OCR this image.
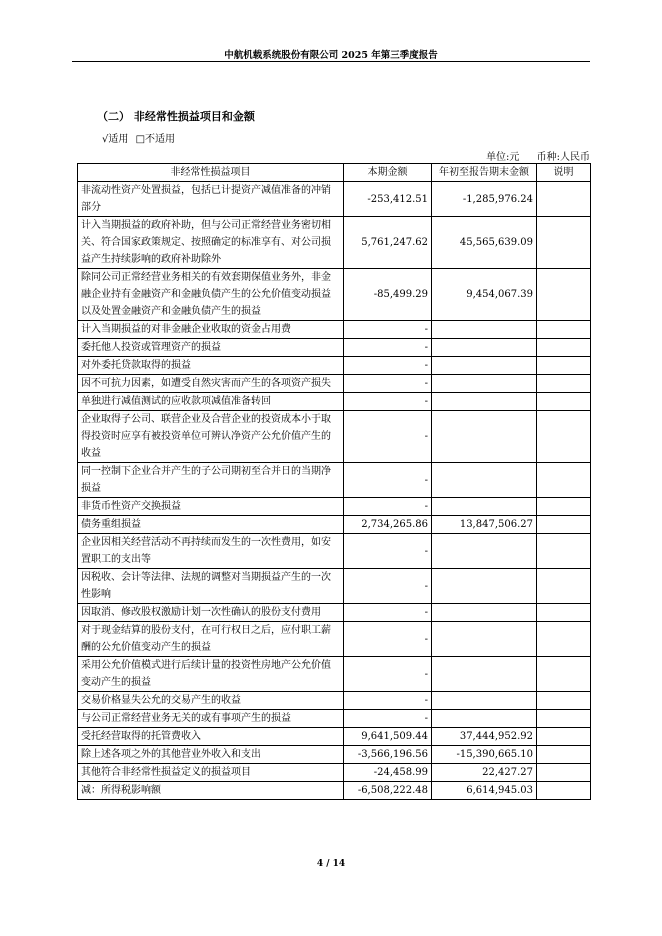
中航机载系统股份有限公司 2025 年第三季度报告
（二） 非经常性损益项目和金额
√适用 □不适用
单位:元 币种:人民币
非经常性损益项目	本期金额	年初至报告期末金额	说明
非流动性资产处置损益，包括已计提资产减值准备的冲销部分	-253,412.51	-1,285,976.24	
计入当期损益的政府补助，但与公司正常经营业务密切相关、符合国家政策规定、按照确定的标准享有、对公司损益产生持续影响的政府补助除外	5,761,247.62	45,565,639.09	
除同公司正常经营业务相关的有效套期保值业务外，非金融企业持有金融资产和金融负债产生的公允价值变动损益以及处置金融资产和金融负债产生的损益	-85,499.29	9,454,067.39	
计入当期损益的对非金融企业收取的资金占用费	-		
委托他人投资或管理资产的损益	-		
对外委托贷款取得的损益	-		
因不可抗力因素，如遭受自然灾害而产生的各项资产损失	-		
单独进行减值测试的应收款项减值准备转回	-		
企业取得子公司、联营企业及合营企业的投资成本小于取得投资时应享有被投资单位可辨认净资产公允价值产生的收益	-		
同一控制下企业合并产生的子公司期初至合并日的当期净损益	-		
非货币性资产交换损益	-		
债务重组损益	2,734,265.86	13,847,506.27	
企业因相关经营活动不再持续而发生的一次性费用，如安置职工的支出等	-		
因税收、会计等法律、法规的调整对当期损益产生的一次性影响	-		
因取消、修改股权激励计划一次性确认的股份支付费用	-		
对于现金结算的股份支付，在可行权日之后，应付职工薪酬的公允价值变动产生的损益	-		
采用公允价值模式进行后续计量的投资性房地产公允价值变动产生的损益	-		
交易价格显失公允的交易产生的收益	-		
与公司正常经营业务无关的或有事项产生的损益	-		
受托经营取得的托管费收入	9,641,509.44	37,444,952.92	
除上述各项之外的其他营业外收入和支出	-3,566,196.56	-15,390,665.10	
其他符合非经常性损益定义的损益项目	-24,458.99	22,427.27	
减：所得税影响额	-6,508,222.48	6,614,945.03	
4 / 14
